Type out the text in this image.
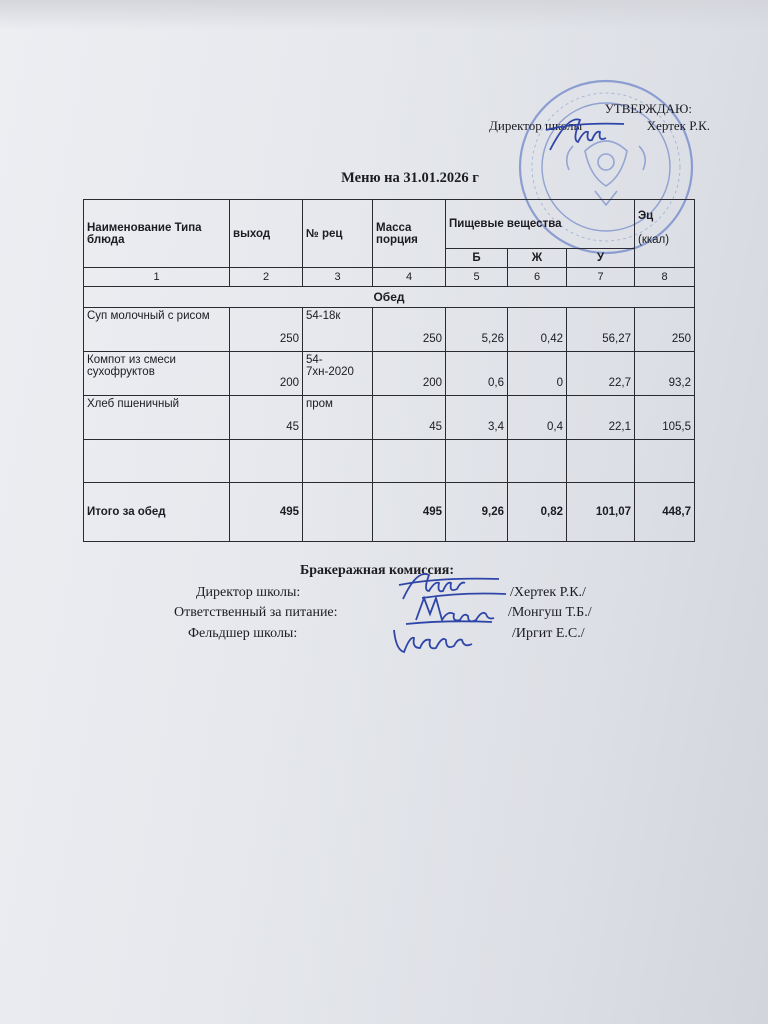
УТВЕРЖДАЮ:
Директор школы	Хертек Р.К.
Меню на 31.01.2026 г
Наименование Типа блюда	выход	№ рец	Масса порция	Пищевые вещества			Эц

(ккал)
				Б	Ж	У	
1	2	3	4	5	6	7	8
Обед							
Суп молочный с рисом	250	54-18к	250	5,26	0,42	56,27	250
Компот из смеси сухофруктов	200	54-7хн-2020	200	0,6	0	22,7	93,2
Хлеб пшеничный	45	пром	45	3,4	0,4	22,1	105,5

Итого за обед	495		495	9,26	0,82	101,07	448,7
Бракеражная комиссия:
Директор школы:	/Хертек Р.К./
Ответственный за питание:	/Монгуш Т.Б./
Фельдшер школы:	/Иргит Е.С./
